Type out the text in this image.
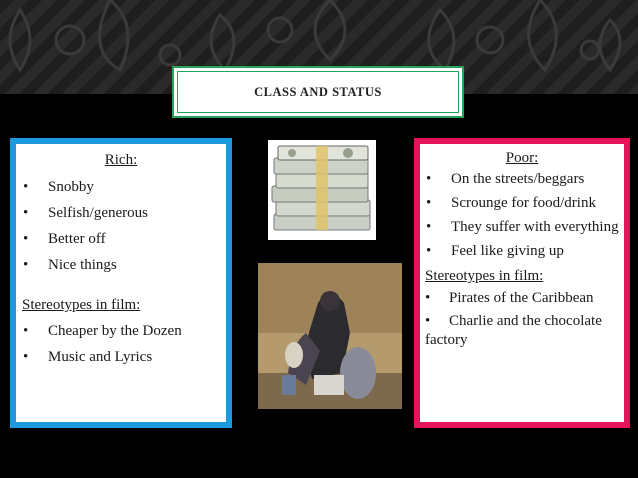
CLASS AND STATUS
Rich:
• Snobby
• Selfish/generous
• Better off
• Nice things
Stereotypes in film:
• Cheaper by the Dozen
• Music and Lyrics
Poor:
• On the streets/beggars
• Scrounge for food/drink
• They suffer with everything
• Feel like giving up
Stereotypes in film:
• Pirates of the Caribbean
• Charlie and the chocolate factory
